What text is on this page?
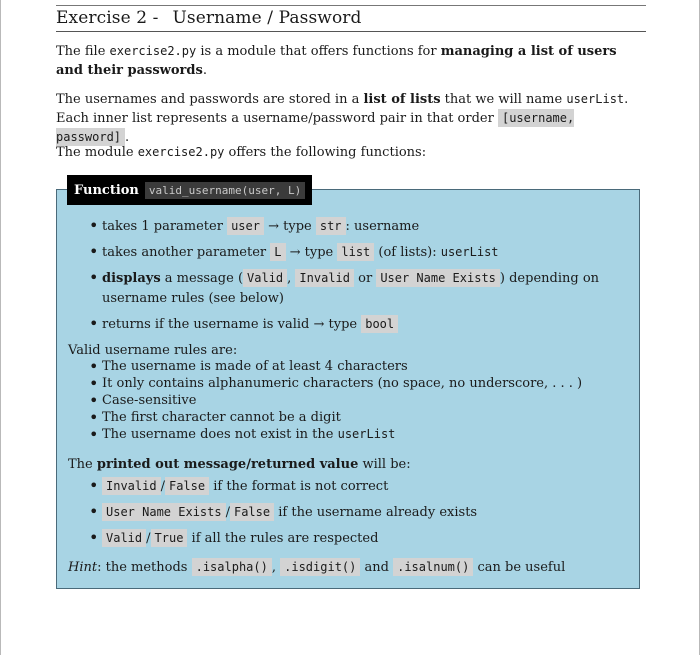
Exercise 2 - Username / Password
The file exercise2.py is a module that offers functions for managing a list of users and their passwords.
The usernames and passwords are stored in a list of lists that we will name userList. Each inner list represents a username/password pair in that order [username, password] .
The module exercise2.py offers the following functions:
Function valid_username(user, L)
• takes 1 parameter user → type str : username
• takes another parameter L → type list (of lists): userList
• displays a message ( Valid , Invalid or User Name Exists ) depending on username rules (see below)
• returns if the username is valid → type bool
Valid username rules are:
• The username is made of at least 4 characters
• It only contains alphanumeric characters (no space, no underscore, . . . )
• Case-sensitive
• The first character cannot be a digit
• The username does not exist in the userList
The printed out message/returned value will be:
• Invalid / False if the format is not correct
• User Name Exists / False if the username already exists
• Valid / True if all the rules are respected
Hint: the methods .isalpha() , .isdigit() and .isalnum() can be useful
